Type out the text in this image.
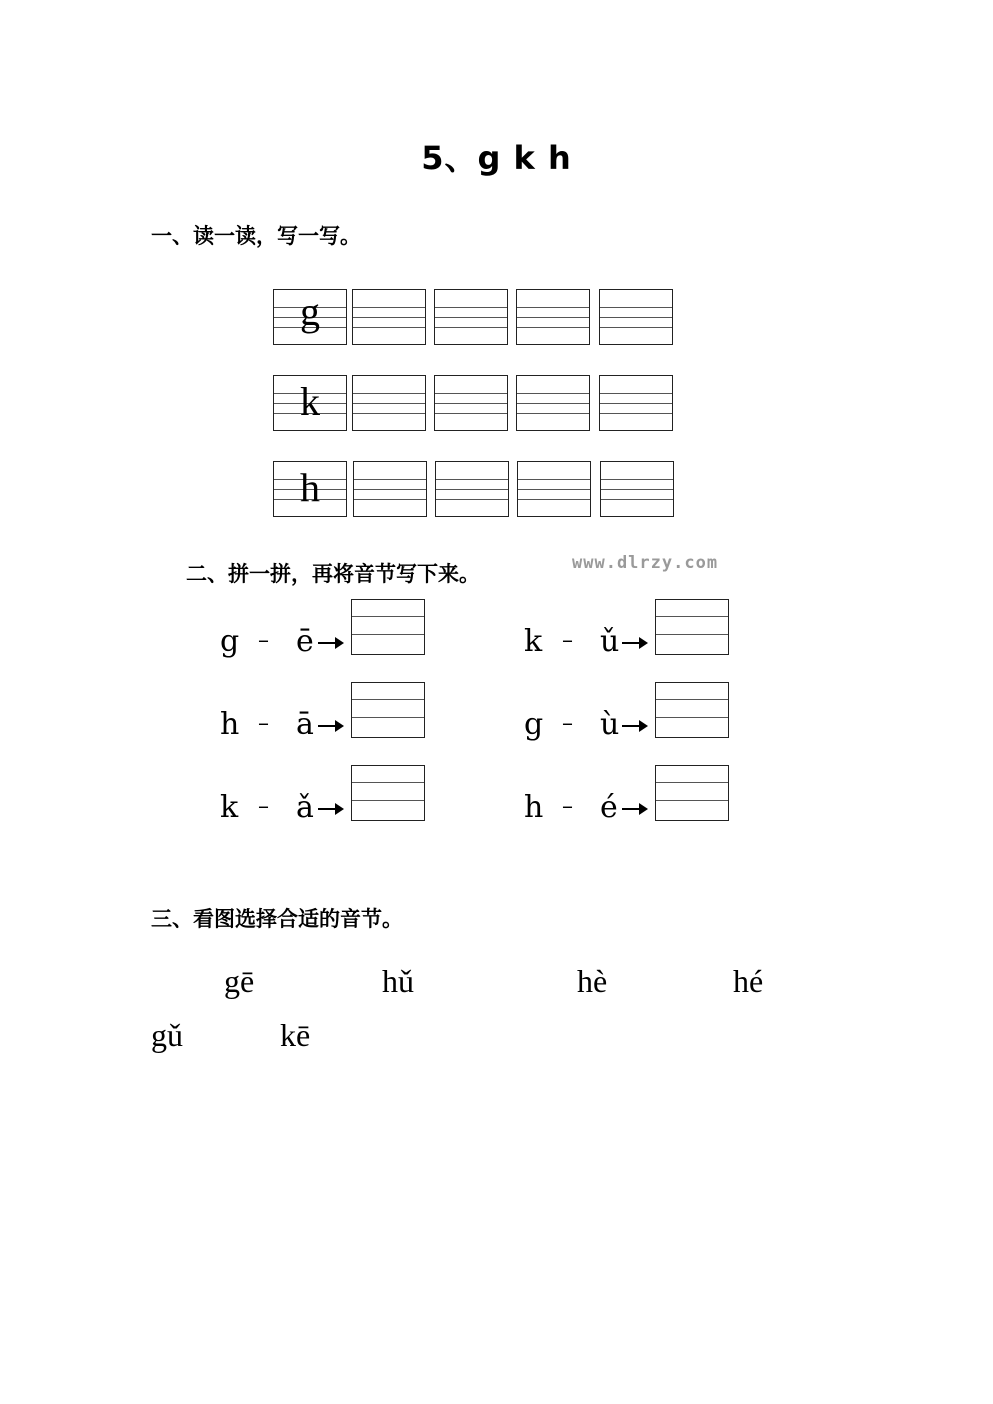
5、g k h
一、读一读，写一写。
g
k
h
二、拼一拼，再将音节写下来。	www.dlrzy.com
g – ē
h – ā
k – ǎ
k – ǔ
g – ù
h – é
三、看图选择合适的音节。
gē	hǔ	hè	hé
gǔ	kē
